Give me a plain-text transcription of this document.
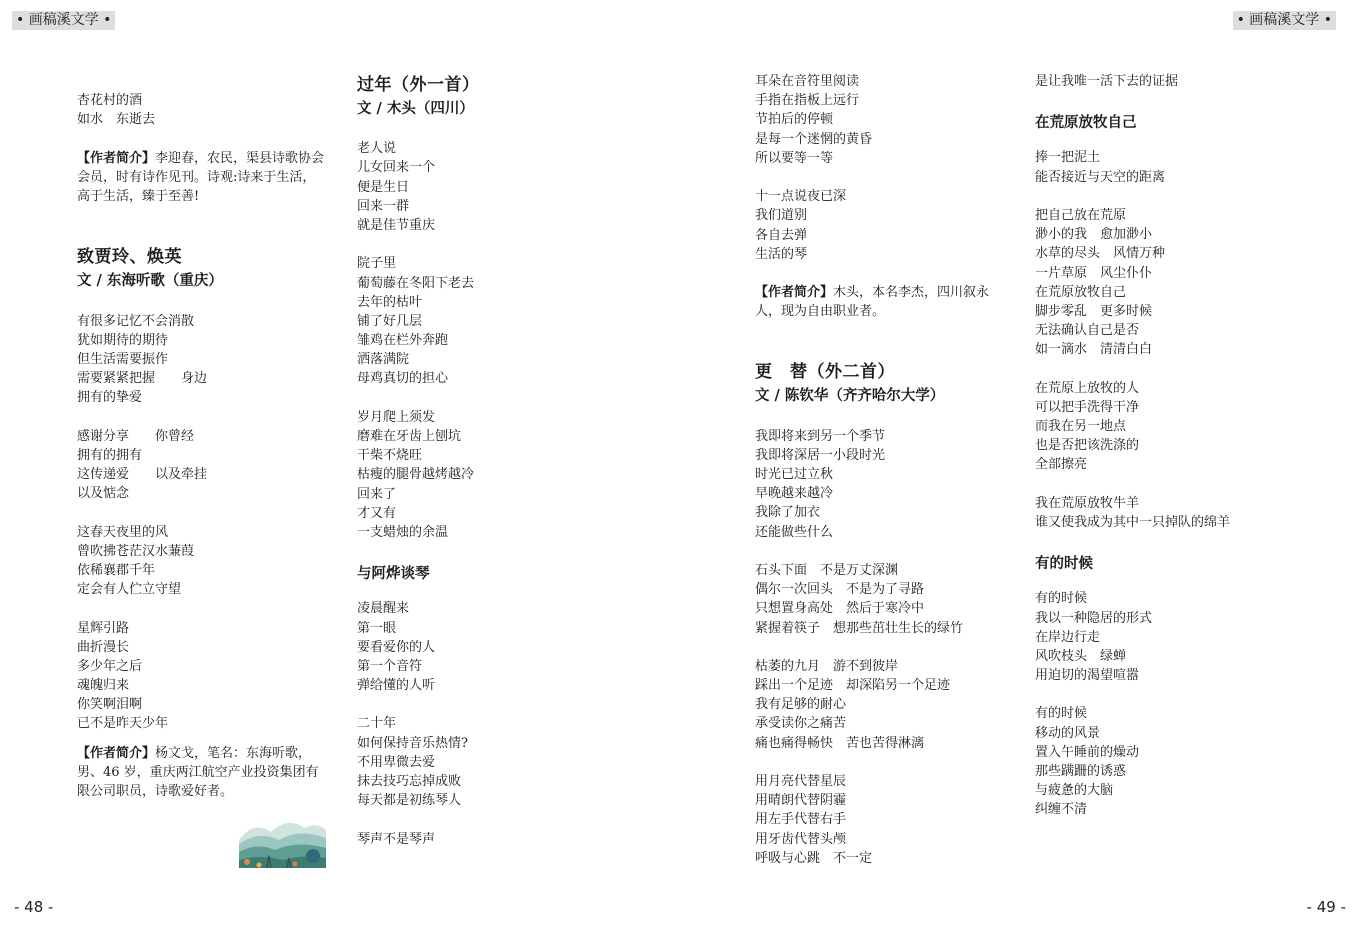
• 画稿溪文学 •	• 画稿溪文学 •
杏花村的酒
如水　东逝去
【作者简介】李迎春，农民，渠县诗歌协会会员，时有诗作见刊。诗观:诗来于生活，高于生活，臻于至善!
致贾玲、焕英
文 / 东海听歌（重庆）
有很多记忆不会消散
犹如期待的期待
但生活需要振作
需要紧紧把握　　身边
拥有的挚爱
感谢分享　　你曾经
拥有的拥有
这传递爱　　以及牵挂
以及惦念
这春天夜里的风
曾吹拂苍茫汉水蒹葭
依稀襄郡千年
定会有人伫立守望
星辉引路
曲折漫长
多少年之后
魂魄归来
你笑啊泪啊
已不是昨天少年
【作者简介】杨文戈，笔名：东海听歌，男、46 岁，重庆两江航空产业投资集团有限公司职员，诗歌爱好者。
过年（外一首）
文 / 木头（四川）
老人说
儿女回来一个
便是生日
回来一群
就是佳节重庆
院子里
葡萄藤在冬阳下老去
去年的枯叶
铺了好几层
雏鸡在栏外奔跑
洒落满院
母鸡真切的担心
岁月爬上须发
磨难在牙齿上刨坑
干柴不烧旺
枯瘦的腿骨越烤越冷
回来了
才又有
一支蜡烛的余温
与阿烨谈琴
凌晨醒来
第一眼
要看爱你的人
第一个音符
弹给懂的人听
二十年
如何保持音乐热情?
不用卑微去爱
抹去技巧忘掉成败
每天都是初练琴人
琴声不是琴声
耳朵在音符里阅读
手指在指板上远行
节拍后的停顿
是每一个迷惘的黄昏
所以要等一等
十一点说夜已深
我们道别
各自去弹
生活的琴
【作者简介】木头，本名李杰，四川叙永人，现为自由职业者。
更　替（外二首）
文 / 陈钦华（齐齐哈尔大学）
我即将来到另一个季节
我即将深居一小段时光
时光已过立秋
早晚越来越冷
我除了加衣
还能做些什么
石头下面　不是万丈深渊
偶尔一次回头　不是为了寻路
只想置身高处　然后于寒冷中
紧握着筷子　想那些茁壮生长的绿竹
枯萎的九月　游不到彼岸
踩出一个足迹　却深陷另一个足迹
我有足够的耐心
承受读你之痛苦
痛也痛得畅快　苦也苦得淋漓
用月亮代替星辰
用晴朗代替阴霾
用左手代替右手
用牙齿代替头颅
呼吸与心跳　不一定
是让我唯一活下去的证据
在荒原放牧自己
捧一把泥土
能否接近与天空的距离
把自己放在荒原
渺小的我　愈加渺小
水草的尽头　风情万种
一片草原　风尘仆仆
在荒原放牧自己
脚步零乱　更多时候
无法确认自己是否
如一滴水　清清白白
在荒原上放牧的人
可以把手洗得干净
而我在另一地点
也是否把该洗涤的
全部擦亮
我在荒原放牧牛羊
谁又使我成为其中一只掉队的绵羊
有的时候
有的时候
我以一种隐居的形式
在岸边行走
风吹枝头　绿蝉
用迫切的渴望喧嚣
有的时候
移动的风景
置入午睡前的燥动
那些蹒跚的诱惑
与疲惫的大脑
纠缠不清
- 48 -	- 49 -
